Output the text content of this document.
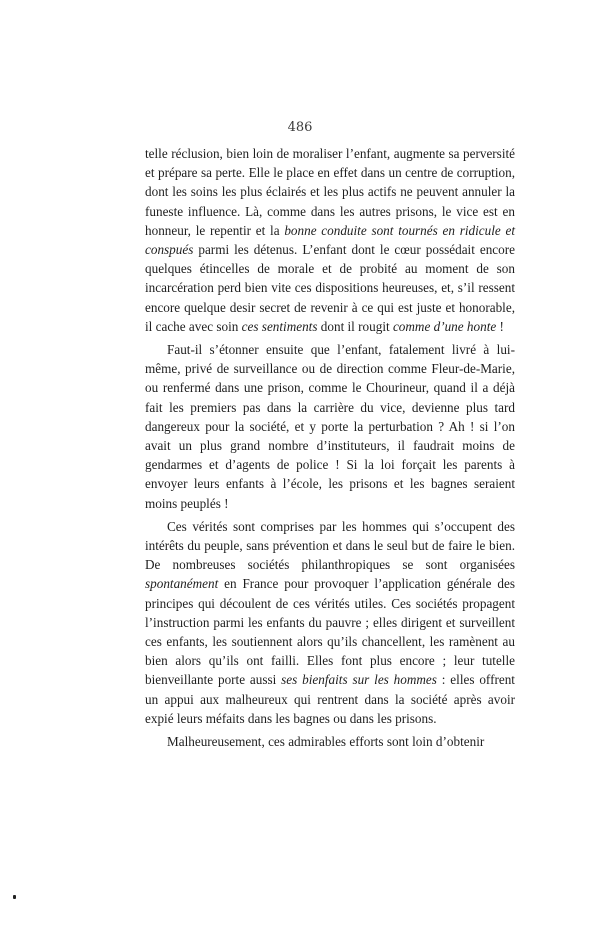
486

telle réclusion, bien loin de moraliser l’enfant, augmente sa perversité et prépare sa perte. Elle le place en effet dans un centre de corruption, dont les soins les plus éclairés et les plus actifs ne peuvent annuler la funeste influence. Là, comme dans les autres prisons, le vice est en honneur, le repentir et la bonne conduite sont tournés en ridicule et conspués parmi les détenus. L’enfant dont le cœur possédait encore quelques étincelles de morale et de probité au moment de son incarcération perd bien vite ces dispositions heureuses, et, s’il ressent encore quelque desir secret de revenir à ce qui est juste et honorable, il cache avec soin ces sentiments dont il rougit comme d’une honte !

Faut-il s’étonner ensuite que l’enfant, fatalement livré à lui-même, privé de surveillance ou de direction comme Fleur-de-Marie, ou renfermé dans une prison, comme le Chourineur, quand il a déjà fait les premiers pas dans la carrière du vice, devienne plus tard dangereux pour la société, et y porte la perturbation ? Ah ! si l’on avait un plus grand nombre d’instituteurs, il faudrait moins de gendarmes et d’agents de police ! Si la loi forçait les parents à envoyer leurs enfants à l’école, les prisons et les bagnes seraient moins peuplés !

Ces vérités sont comprises par les hommes qui s’occupent des intérêts du peuple, sans prévention et dans le seul but de faire le bien. De nombreuses sociétés philanthropiques se sont organisées spontanément en France pour provoquer l’application générale des principes qui découlent de ces vérités utiles. Ces sociétés propagent l’instruction parmi les enfants du pauvre ; elles dirigent et surveillent ces enfants, les soutiennent alors qu’ils chancellent, les ramènent au bien alors qu’ils ont failli. Elles font plus encore ; leur tutelle bienveillante porte aussi ses bienfaits sur les hommes : elles offrent un appui aux malheureux qui rentrent dans la société après avoir expié leurs méfaits dans les bagnes ou dans les prisons.

Malheureusement, ces admirables efforts sont loin d’obtenir
